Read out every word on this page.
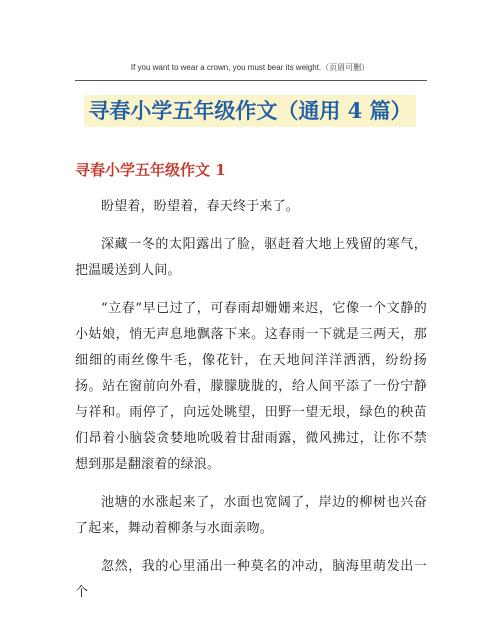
If you want to wear a crown, you must bear its weight.（页眉可删）
寻春小学五年级作文（通用 4 篇）
寻春小学五年级作文 1

盼望着，盼望着，春天终于来了。

深藏一冬的太阳露出了脸，驱赶着大地上残留的寒气，把温暖送到人间。

“立春”早已过了，可春雨却姗姗来迟，它像一个文静的小姑娘，悄无声息地飘落下来。这春雨一下就是三两天，那细细的雨丝像牛毛，像花针，在天地间洋洋洒洒，纷纷扬扬。站在窗前向外看，朦朦胧胧的，给人间平添了一份宁静与祥和。雨停了，向远处眺望，田野一望无垠，绿色的秧苗们昂着小脑袋贪婪地吮吸着甘甜雨露，微风拂过，让你不禁想到那是翻滚着的绿浪。

池塘的水涨起来了，水面也宽阔了，岸边的柳树也兴奋了起来，舞动着柳条与水面亲吻。

忽然，我的心里涌出一种莫名的冲动，脑海里萌发出一个
